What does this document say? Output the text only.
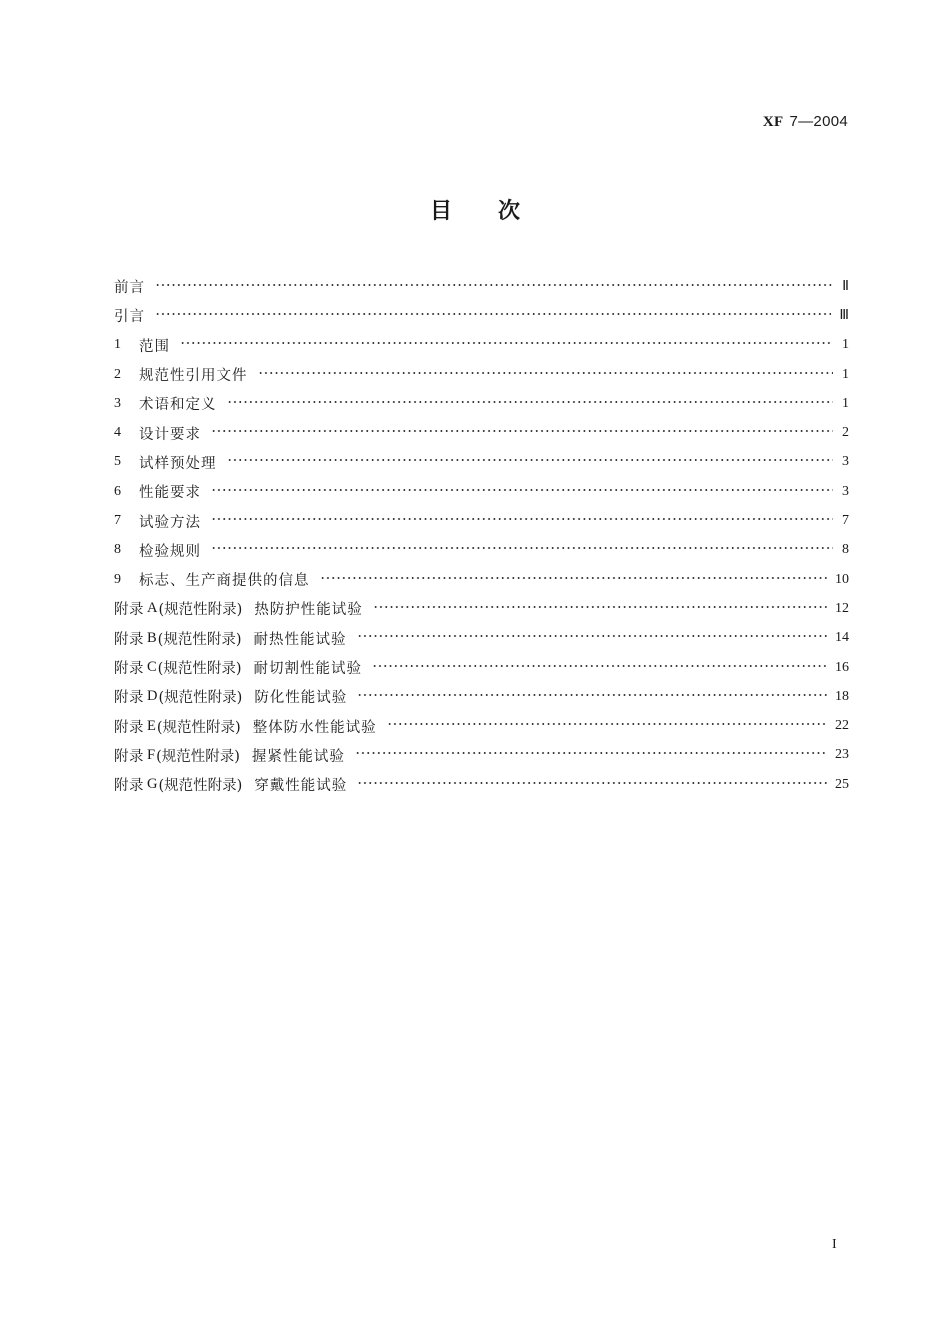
XF 7—2004
目次
前言	Ⅱ
引言	Ⅲ
1	范围	1
2	规范性引用文件	1
3	术语和定义	1
4	设计要求	2
5	试样预处理	3
6	性能要求	3
7	试验方法	7
8	检验规则	8
9	标志、生产商提供的信息	10
附录 A (规范性附录) 热防护性能试验	12
附录 B (规范性附录) 耐热性能试验	14
附录 C (规范性附录) 耐切割性能试验	16
附录 D (规范性附录) 防化性能试验	18
附录 E (规范性附录) 整体防水性能试验	22
附录 F (规范性附录) 握紧性能试验	23
附录 G (规范性附录) 穿戴性能试验	25
I
